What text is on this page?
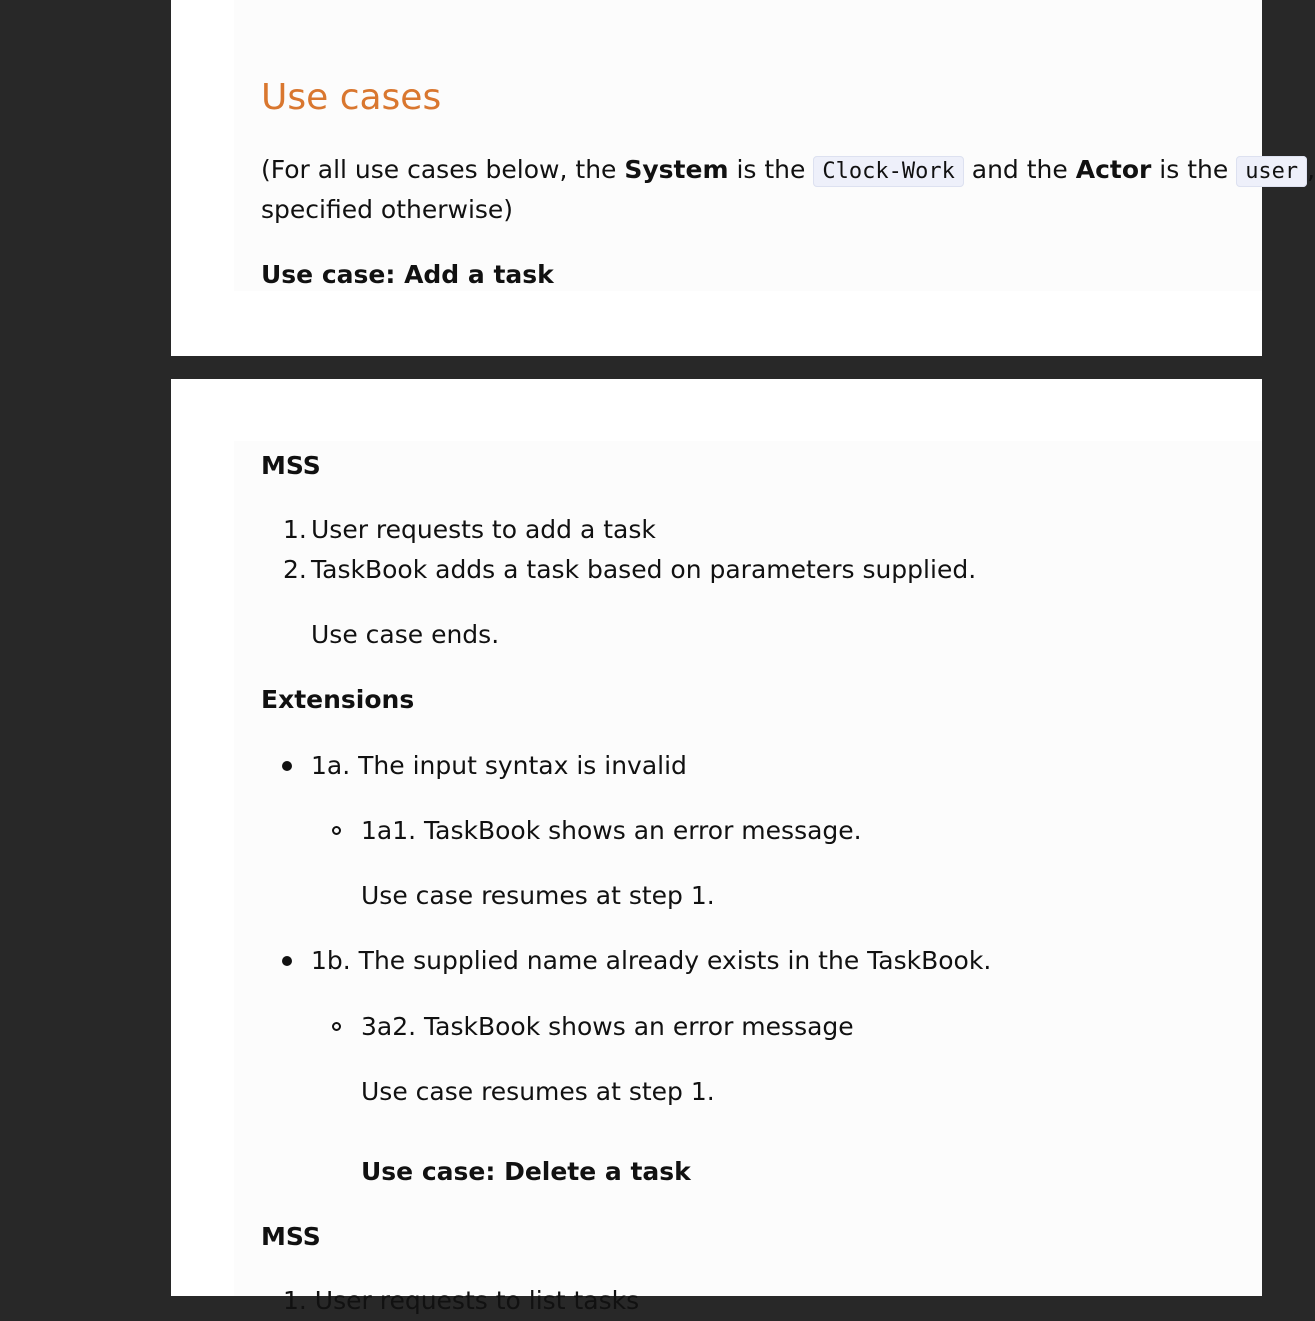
Use cases

(For all use cases below, the System is the Clock-Work and the Actor is the user ,

specified otherwise)

Use case: Add a task

MSS

1. User requests to add a task

2. TaskBook adds a task based on parameters supplied.

Use case ends.

Extensions

1a. The input syntax is invalid

1a1. TaskBook shows an error message.

Use case resumes at step 1.

1b. The supplied name already exists in the TaskBook.

3a2. TaskBook shows an error message

Use case resumes at step 1.

Use case: Delete a task

MSS

1. User requests to list tasks
